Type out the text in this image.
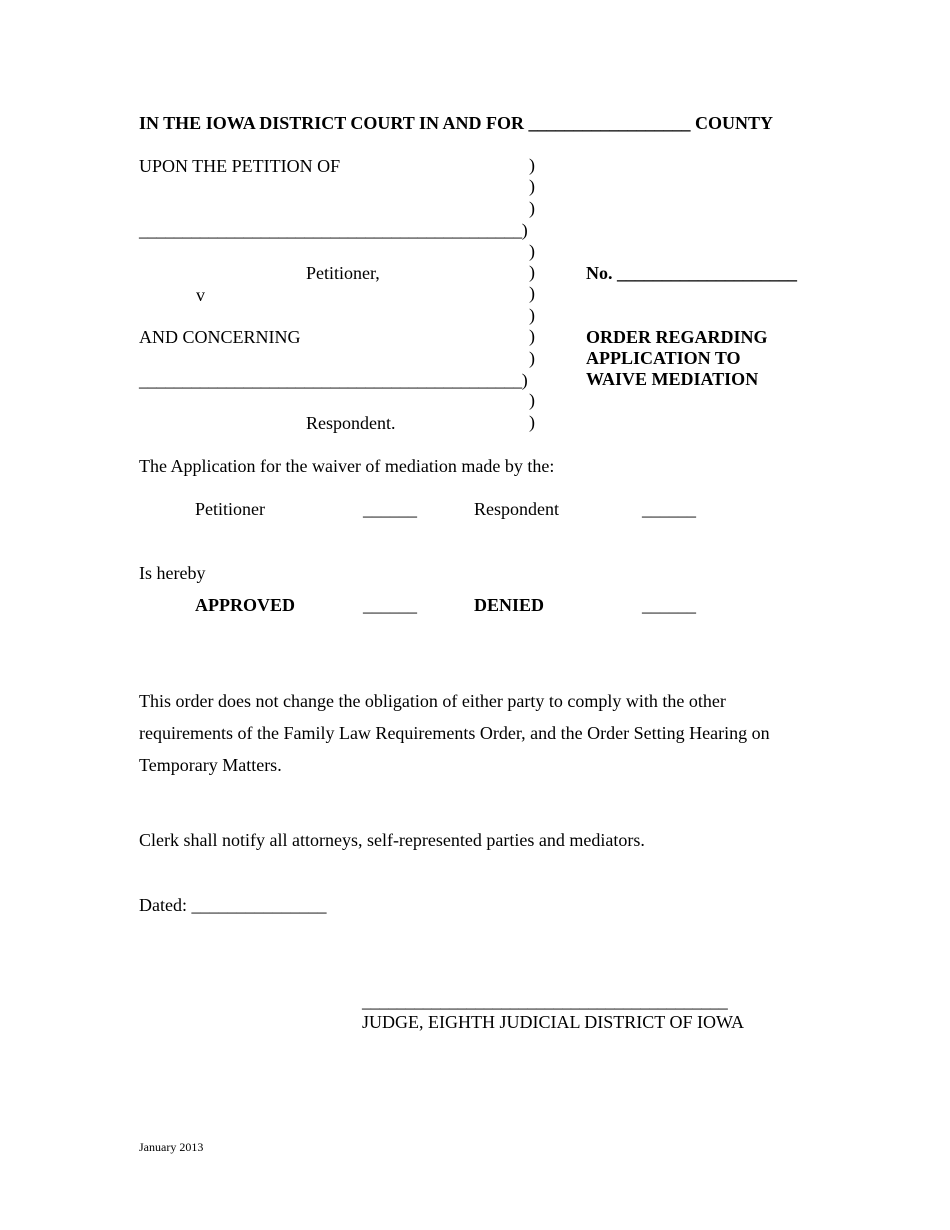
IN THE IOWA DISTRICT COURT IN AND FOR __________________ COUNTY
UPON THE PETITION OF
____________________________________________)
Petitioner,
v
AND CONCERNING
____________________________________________)
Respondent.
)
)
)
)
)
)
)
)
)
)
)
No. ____________________
ORDER REGARDING
APPLICATION TO
WAIVE MEDIATION
The Application for the waiver of mediation made by the:
Petitioner	______	Respondent	______
Is hereby
APPROVED	______	DENIED	______
This order does not change the obligation of either party to comply with the other requirements of the Family Law Requirements Order, and the Order Setting Hearing on Temporary Matters.
Clerk shall notify all attorneys, self-represented parties and mediators.
Dated: _______________
__________________________________________
JUDGE, EIGHTH JUDICIAL DISTRICT OF IOWA
January 2013
